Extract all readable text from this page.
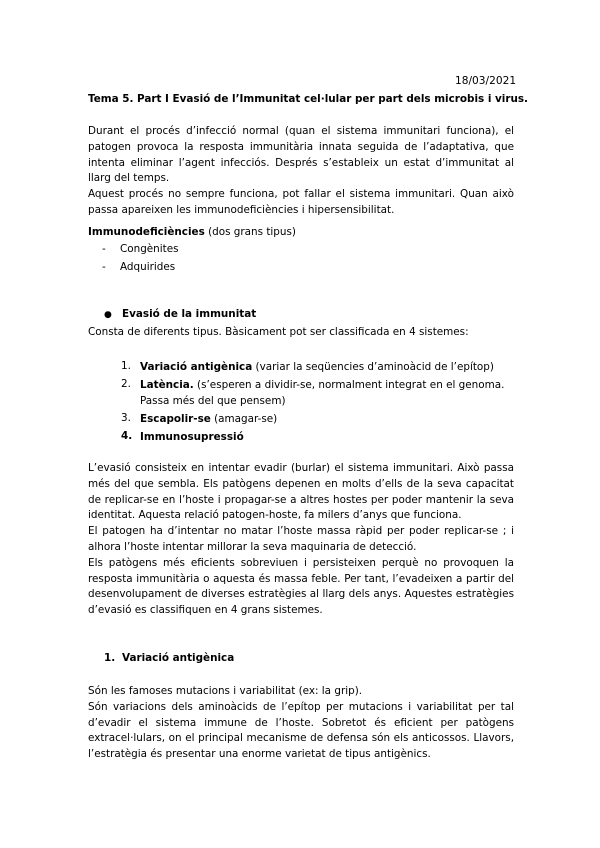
18/03/2021
Tema 5. Part I Evasió de l’Immunitat cel·lular per part dels microbis i virus.

Durant el procés d’infecció normal (quan el sistema immunitari funciona), el patogen provoca la resposta immunitària innata seguida de l’adaptativa, que intenta eliminar l’agent infecciós. Després s’estableix un estat d’immunitat al llarg del temps.

Aquest procés no sempre funciona, pot fallar el sistema immunitari. Quan això passa apareixen les immunodeficiències i hipersensibilitat.

Immunodeficiències (dos grans tipus)
-	Congènites
-	Adquirides
● Evasió de la immunitat
Consta de diferents tipus. Bàsicament pot ser classificada en 4 sistemes:
1. Variació antigènica (variar la seqüencies d’aminoàcid de l’epítop)
2. Latència. (s’esperen a dividir-se, normalment integrat en el genoma. Passa més del que pensem)
3. Escapolir-se (amagar-se)
4. Immunosupressió

L’evasió consisteix en intentar evadir (burlar) el sistema immunitari. Això passa més del que sembla. Els patògens depenen en molts d’ells de la seva capacitat de replicar-se en l’hoste i propagar-se a altres hostes per poder mantenir la seva identitat. Aquesta relació patogen-hoste, fa milers d’anys que funciona.

El patogen ha d’intentar no matar l’hoste massa ràpid per poder replicar-se ; i alhora l’hoste intentar millorar la seva maquinaria de detecció.

Els patògens més eficients sobreviuen i persisteixen perquè no provoquen la resposta immunitària o aquesta és massa feble. Per tant, l’evadeixen a partir del desenvolupament de diverses estratègies al llarg dels anys. Aquestes estratègies d’evasió es classifiquen en 4 grans sistemes.

1. Variació antigènica

Són les famoses mutacions i variabilitat (ex: la grip).

Són variacions dels aminoàcids de l’epítop per mutacions i variabilitat per tal d’evadir el sistema immune de l’hoste. Sobretot és eficient per patògens extracel·lulars, on el principal mecanisme de defensa són els anticossos. Llavors, l’estratègia és presentar una enorme varietat de tipus antigènics.
